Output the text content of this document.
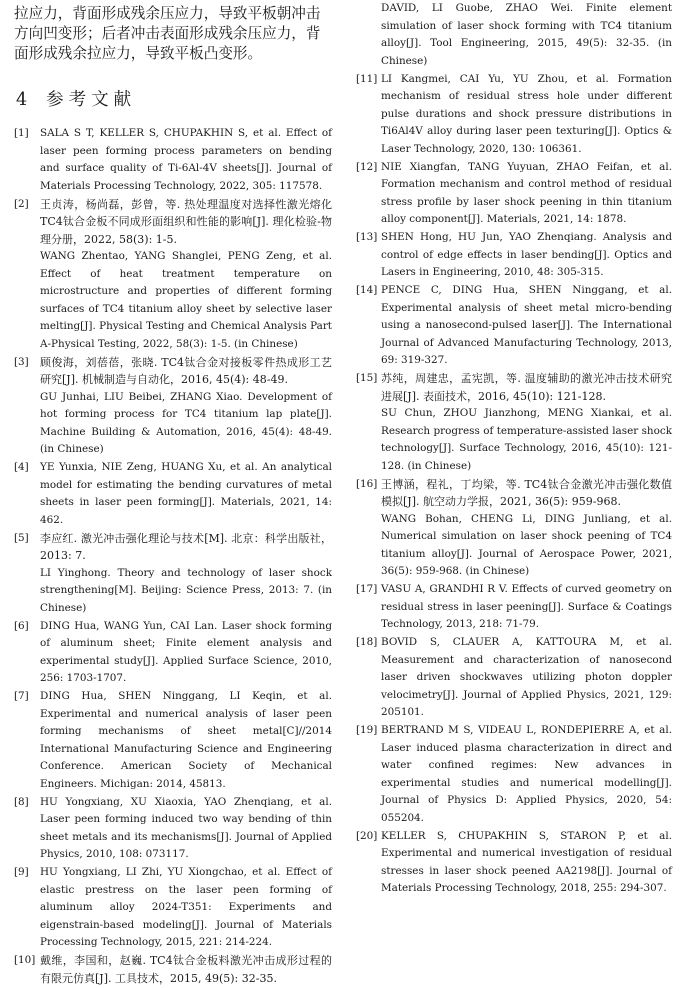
拉应力，背面形成残余压应力，导致平板朝冲击方向凹变形；后者冲击表面形成残余压应力，背面形成残余拉应力，导致平板凸变形。

4 参考文献
[1]	SALA S T, KELLER S, CHUPAKHIN S, et al. Effect of laser peen forming process parameters on bending and surface quality of Ti-6Al-4V sheets[J]. Journal of Materials Processing Technology, 2022, 305: 117578.

[2]	王贞涛，杨尚磊，彭曾，等. 热处理温度对选择性激光熔化TC4钛合金板不同成形面组织和性能的影响[J]. 理化检验-物理分册，2022, 58(3): 1-5.

WANG Zhentao, YANG Shanglei, PENG Zeng, et al. Effect of heat treatment temperature on microstructure and properties of different forming surfaces of TC4 titanium alloy sheet by selective laser melting[J]. Physical Testing and Chemical Analysis Part A-Physical Testing, 2022, 58(3): 1-5. (in Chinese)

[3]	顾俊海，刘蓓蓓，张晓. TC4钛合金对接板零件热成形工艺研究[J]. 机械制造与自动化，2016, 45(4): 48-49.

GU Junhai, LIU Beibei, ZHANG Xiao. Development of hot forming process for TC4 titanium lap plate[J]. Machine Building & Automation, 2016, 45(4): 48-49. (in Chinese)

[4]	YE Yunxia, NIE Zeng, HUANG Xu, et al. An analytical model for estimating the bending curvatures of metal sheets in laser peen forming[J]. Materials, 2021, 14: 462.

[5]	李应红. 激光冲击强化理论与技术[M]. 北京：科学出版社，2013: 7.

LI Yinghong. Theory and technology of laser shock strengthening[M]. Beijing: Science Press, 2013: 7. (in Chinese)

[6]	DING Hua, WANG Yun, CAI Lan. Laser shock forming of aluminum sheet; Finite element analysis and experimental study[J]. Applied Surface Science, 2010, 256: 1703-1707.

[7]	DING Hua, SHEN Ninggang, LI Keqin, et al. Experimental and numerical analysis of laser peen forming mechanisms of sheet metal[C]//2014 International Manufacturing Science and Engineering Conference. American Society of Mechanical Engineers. Michigan: 2014, 45813.

[8]	HU Yongxiang, XU Xiaoxia, YAO Zhenqiang, et al. Laser peen forming induced two way bending of thin sheet metals and its mechanisms[J]. Journal of Applied Physics, 2010, 108: 073117.

[9]	HU Yongxiang, LI Zhi, YU Xiongchao, et al. Effect of elastic prestress on the laser peen forming of aluminum alloy 2024-T351: Experiments and eigenstrain-based modeling[J]. Journal of Materials Processing Technology, 2015, 221: 214-224.

[10] 戴维，李国和，赵巍. TC4钛合金板料激光冲击成形过程的有限元仿真[J]. 工具技术，2015, 49(5): 32-35.

DAVID, LI Guobe, ZHAO Wei. Finite element simulation of laser shock forming with TC4 titanium alloy[J]. Tool Engineering, 2015, 49(5): 32-35. (in Chinese)

[11] LI Kangmei, CAI Yu, YU Zhou, et al. Formation mechanism of residual stress hole under different pulse durations and shock pressure distributions in Ti6Al4V alloy during laser peen texturing[J]. Optics & Laser Technology, 2020, 130: 106361.

[12] NIE Xiangfan, TANG Yuyuan, ZHAO Feifan, et al. Formation mechanism and control method of residual stress profile by laser shock peening in thin titanium alloy component[J]. Materials, 2021, 14: 1878.

[13] SHEN Hong, HU Jun, YAO Zhenqiang. Analysis and control of edge effects in laser bending[J]. Optics and Lasers in Engineering, 2010, 48: 305-315.

[14] PENCE C, DING Hua, SHEN Ninggang, et al. Experimental analysis of sheet metal micro-bending using a nanosecond-pulsed laser[J]. The International Journal of Advanced Manufacturing Technology, 2013, 69: 319-327.

[15] 苏纯，周建忠，孟宪凯，等. 温度辅助的激光冲击技术研究进展[J]. 表面技术，2016, 45(10): 121-128.

SU Chun, ZHOU Jianzhong, MENG Xiankai, et al. Research progress of temperature-assisted laser shock technology[J]. Surface Technology, 2016, 45(10): 121-128. (in Chinese)

[16] 王博涵，程礼，丁均梁，等. TC4钛合金激光冲击强化数值模拟[J]. 航空动力学报，2021, 36(5): 959-968.

WANG Bohan, CHENG Li, DING Junliang, et al. Numerical simulation on laser shock peening of TC4 titanium alloy[J]. Journal of Aerospace Power, 2021, 36(5): 959-968. (in Chinese)

[17] VASU A, GRANDHI R V. Effects of curved geometry on residual stress in laser peening[J]. Surface & Coatings Technology, 2013, 218: 71-79.

[18] BOVID S, CLAUER A, KATTOURA M, et al. Measurement and characterization of nanosecond laser driven shockwaves utilizing photon doppler velocimetry[J]. Journal of Applied Physics, 2021, 129: 205101.

[19] BERTRAND M S, VIDEAU L, RONDEPIERRE A, et al. Laser induced plasma characterization in direct and water confined regimes: New advances in experimental studies and numerical modelling[J]. Journal of Physics D: Applied Physics, 2020, 54: 055204.

[20] KELLER S, CHUPAKHIN S, STARON P, et al. Experimental and numerical investigation of residual stresses in laser shock peened AA2198[J]. Journal of Materials Processing Technology, 2018, 255: 294-307.
